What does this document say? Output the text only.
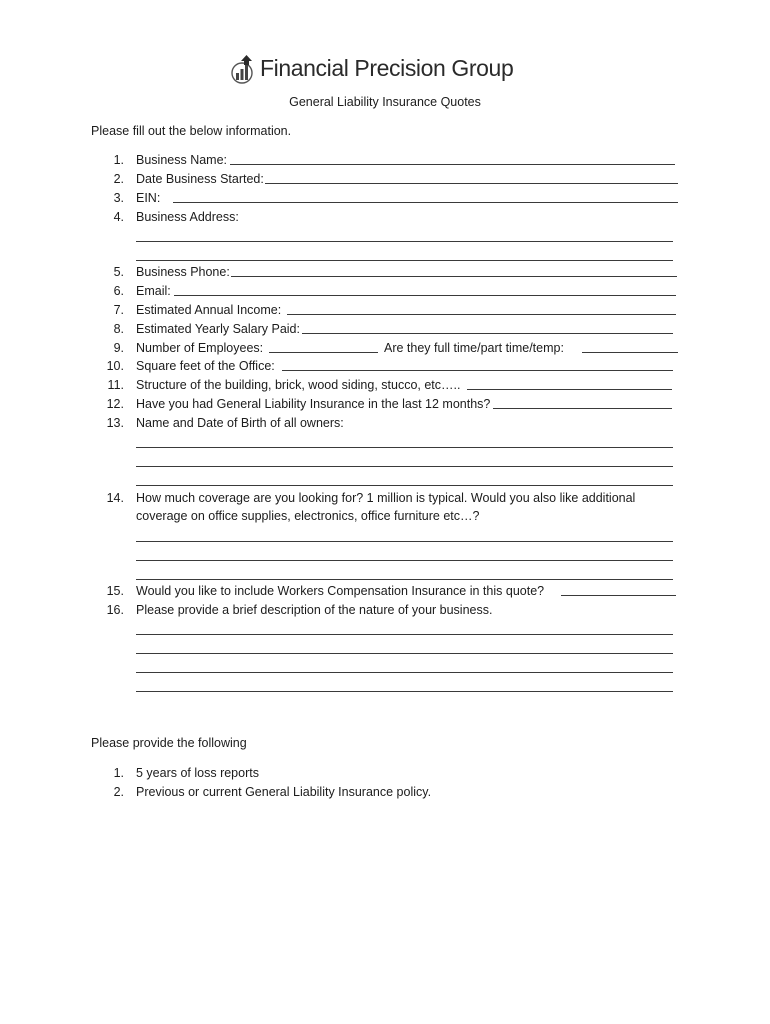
Financial Precision Group
General Liability Insurance Quotes
Please fill out the below information.
1. Business Name:
2. Date Business Started:
3. EIN:
4. Business Address:
5. Business Phone:
6. Email:
7. Estimated Annual Income:
8. Estimated Yearly Salary Paid:
9. Number of Employees:	Are they full time/part time/temp:
10. Square feet of the Office:
11. Structure of the building, brick, wood siding, stucco, etc…..
12. Have you had General Liability Insurance in the last 12 months?
13. Name and Date of Birth of all owners:
14. How much coverage are you looking for? 1 million is typical. Would you also like additional
coverage on office supplies, electronics, office furniture etc…?
15. Would you like to include Workers Compensation Insurance in this quote?
16. Please provide a brief description of the nature of your business.
Please provide the following
1. 5 years of loss reports
2. Previous or current General Liability Insurance policy.
